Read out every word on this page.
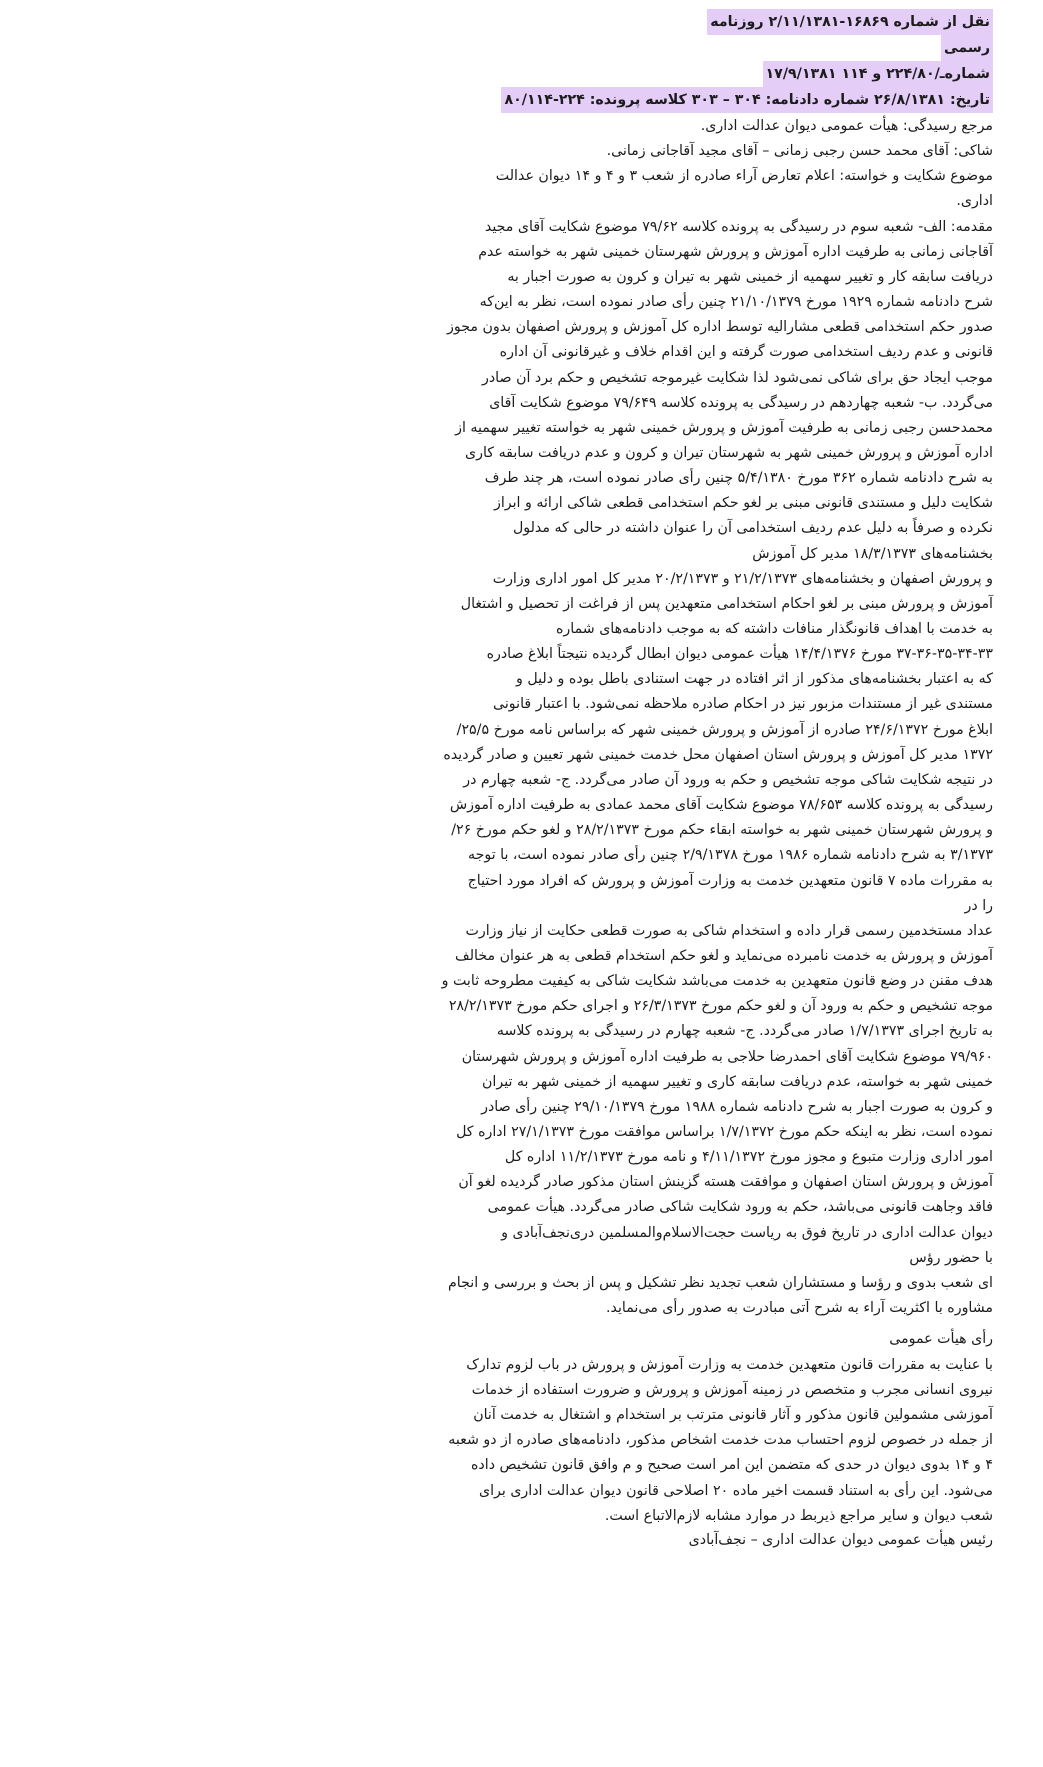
نقل از شماره ۱۶۸۶۹-۲/۱۱/۱۳۸۱ روزنامه
رسمی
شماره‌ـ/۲۲۴/۸۰ و ۱۱۴ ۱۷/۹/۱۳۸۱
تاریخ: ۲۶/۸/۱۳۸۱ شماره دادنامه: ۳۰۴ – ۳۰۳ کلاسه پرونده: ۲۲۴-۸۰/۱۱۴
مرجع رسیدگی: هیأت عمومی دیوان عدالت اداری.
شاکی: آقای محمد حسن رجبی زمانی – آقای مجید آقاجانی زمانی.
موضوع شکایت و خواسته: اعلام تعارض آراء صادره از شعب ۳ و ۴ و ۱۴ دیوان عدالت
اداری.
مقدمه: الف- شعبه سوم در رسیدگی به پرونده کلاسه ۷۹/۶۲ موضوع شکایت آقای مجید
آقاجانی زمانی به طرفیت اداره آموزش و پرورش شهرستان خمینی شهر به خواسته عدم
دریافت سابقه کار و تغییر سهمیه از خمینی شهر به تیران و کرون به صورت اجبار به
شرح دادنامه شماره ۱۹۲۹ مورخ ۲۱/۱۰/۱۳۷۹ چنین رأی صادر نموده است، نظر به این‌که
صدور حکم استخدامی قطعی مشارالیه توسط اداره کل آموزش و پرورش اصفهان بدون مجوز
قانونی و عدم ردیف استخدامی صورت گرفته و این اقدام خلاف و غیرقانونی آن اداره
موجب ایجاد حق برای شاکی نمی‌شود لذا شکایت غیرموجه تشخیص و حکم برد آن صادر
می‌گردد. ب- شعبه چهاردهم در رسیدگی به پرونده کلاسه ۷۹/۶۴۹ موضوع شکایت آقای
محمدحسن رجبی زمانی به طرفیت آموزش و پرورش خمینی شهر به خواسته تغییر سهمیه از
اداره آموزش و پرورش خمینی شهر به شهرستان تیران و کرون و عدم دریافت سابقه کاری
به شرح دادنامه شماره ۳۶۲ مورخ ۵/۴/۱۳۸۰ چنین رأی صادر نموده است، هر چند طرف
شکایت دلیل و مستندی قانونی مبنی بر لغو حکم استخدامی قطعی شاکی ارائه و ابراز
نکرده و صرفاً به دلیل عدم ردیف استخدامی آن را عنوان داشته در حالی که مدلول
بخشنامه‌های ۱۸/۳/۱۳۷۳ مدیر کل آموزش
و پرورش اصفهان و بخشنامه‌های ۲۱/۲/۱۳۷۳ و ۲۰/۲/۱۳۷۳ مدیر کل امور اداری وزارت
آموزش و پرورش مبنی بر لغو احکام استخدامی متعهدین پس از فراغت از تحصیل و اشتغال
به خدمت با اهداف قانونگذار منافات داشته که به موجب دادنامه‌های شماره
۳۷-۳۶-۳۵-۳۴-۳۳ مورخ ۱۴/۴/۱۳۷۶ هیأت عمومی دیوان ابطال گردیده نتیجتاً ابلاغ صادره
که به اعتبار بخشنامه‌های مذکور از اثر افتاده در جهت استنادی باطل بوده و دلیل و
مستندی غیر از مستندات مزبور نیز در احکام صادره ملاحظه نمی‌شود. با اعتبار قانونی
ابلاغ مورخ ۲۴/۶/۱۳۷۲ صادره از آموزش و پرورش خمینی شهر که براساس نامه مورخ ۲۵/۵/
۱۳۷۲ مدیر کل آموزش و پرورش استان اصفهان محل خدمت خمینی شهر تعیین و صادر گردیده
در نتیجه شکایت شاکی موجه تشخیص و حکم به ورود آن صادر می‌گردد. ج- شعبه چهارم در
رسیدگی به پرونده کلاسه ۷۸/۶۵۳ موضوع شکایت آقای محمد عمادی به طرفیت اداره آموزش
و پرورش شهرستان خمینی شهر به خواسته ابقاء حکم مورخ ۲۸/۲/۱۳۷۳ و لغو حکم مورخ ۲۶/
۳/۱۳۷۳ به شرح دادنامه شماره ۱۹۸۶ مورخ ۲/۹/۱۳۷۸ چنین رأی صادر نموده است، با توجه
به مقررات ماده ۷ قانون متعهدین خدمت به وزارت آموزش و پرورش که افراد مورد احتیاج
را در
عداد مستخدمین رسمی قرار داده و استخدام شاکی به صورت قطعی حکایت از نیاز وزارت
آموزش و پرورش به خدمت نامبرده می‌نماید و لغو حکم استخدام قطعی به هر عنوان مخالف
هدف مقنن در وضع قانون متعهدین به خدمت می‌باشد شکایت شاکی به کیفیت مطروحه ثابت و
موجه تشخیص و حکم به ورود آن و لغو حکم مورخ ۲۶/۳/۱۳۷۳ و اجرای حکم مورخ ۲۸/۲/۱۳۷۳
به تاریخ اجرای ۱/۷/۱۳۷۳ صادر می‌گردد. ج- شعبه چهارم در رسیدگی به پرونده کلاسه
۷۹/۹۶۰ موضوع شکایت آقای احمدرضا حلاجی به طرفیت اداره آموزش و پرورش شهرستان
خمینی شهر به خواسته، عدم دریافت سابقه کاری و تغییر سهمیه از خمینی شهر به تیران
و کرون به صورت اجبار به شرح دادنامه شماره ۱۹۸۸ مورخ ۲۹/۱۰/۱۳۷۹ چنین رأی صادر
نموده است، نظر به اینکه حکم مورخ ۱/۷/۱۳۷۲ براساس موافقت مورخ ۲۷/۱/۱۳۷۳ اداره کل
امور اداری وزارت متبوع و مجوز مورخ ۴/۱۱/۱۳۷۲ و نامه مورخ ۱۱/۲/۱۳۷۳ اداره کل
آموزش و پرورش استان اصفهان و موافقت هسته گزینش استان مذکور صادر گردیده لغو آن
فاقد وجاهت قانونی می‌باشد، حکم به ورود شکایت شاکی صادر می‌گردد. هیأت عمومی
دیوان عدالت اداری در تاریخ فوق به ریاست حجت‌الاسلام‌والمسلمین دری‌نجف‌آبادی و
با حضور رؤس
ای شعب بدوی و رؤسا و مستشاران شعب تجدید نظر تشکیل و پس از بحث و بررسی و انجام
مشاوره با اکثریت آراء به شرح آتی مبادرت به صدور رأی می‌نماید.
رأی هیأت عمومی
با عنایت به مقررات قانون متعهدین خدمت به وزارت آموزش و پرورش در باب لزوم تدارک
نیروی انسانی مجرب و متخصص در زمینه آموزش و پرورش و ضرورت استفاده از خدمات
آموزشی مشمولین قانون مذکور و آثار قانونی مترتب بر استخدام و اشتغال به خدمت آنان
از جمله در خصوص لزوم احتساب مدت خدمت اشخاص مذکور، دادنامه‌های صادره از دو شعبه
۴ و ۱۴ بدوی دیوان در حدی که متضمن این امر است صحیح و م وافق قانون تشخیص داده
می‌شود. این رأی به استناد قسمت اخیر ماده ۲۰ اصلاحی قانون دیوان عدالت اداری برای
شعب دیوان و سایر مراجع ذیربط در موارد مشابه لازم‌الاتباع است.
رئیس هیأت عمومی دیوان عدالت اداری – نجف‌آبادی
